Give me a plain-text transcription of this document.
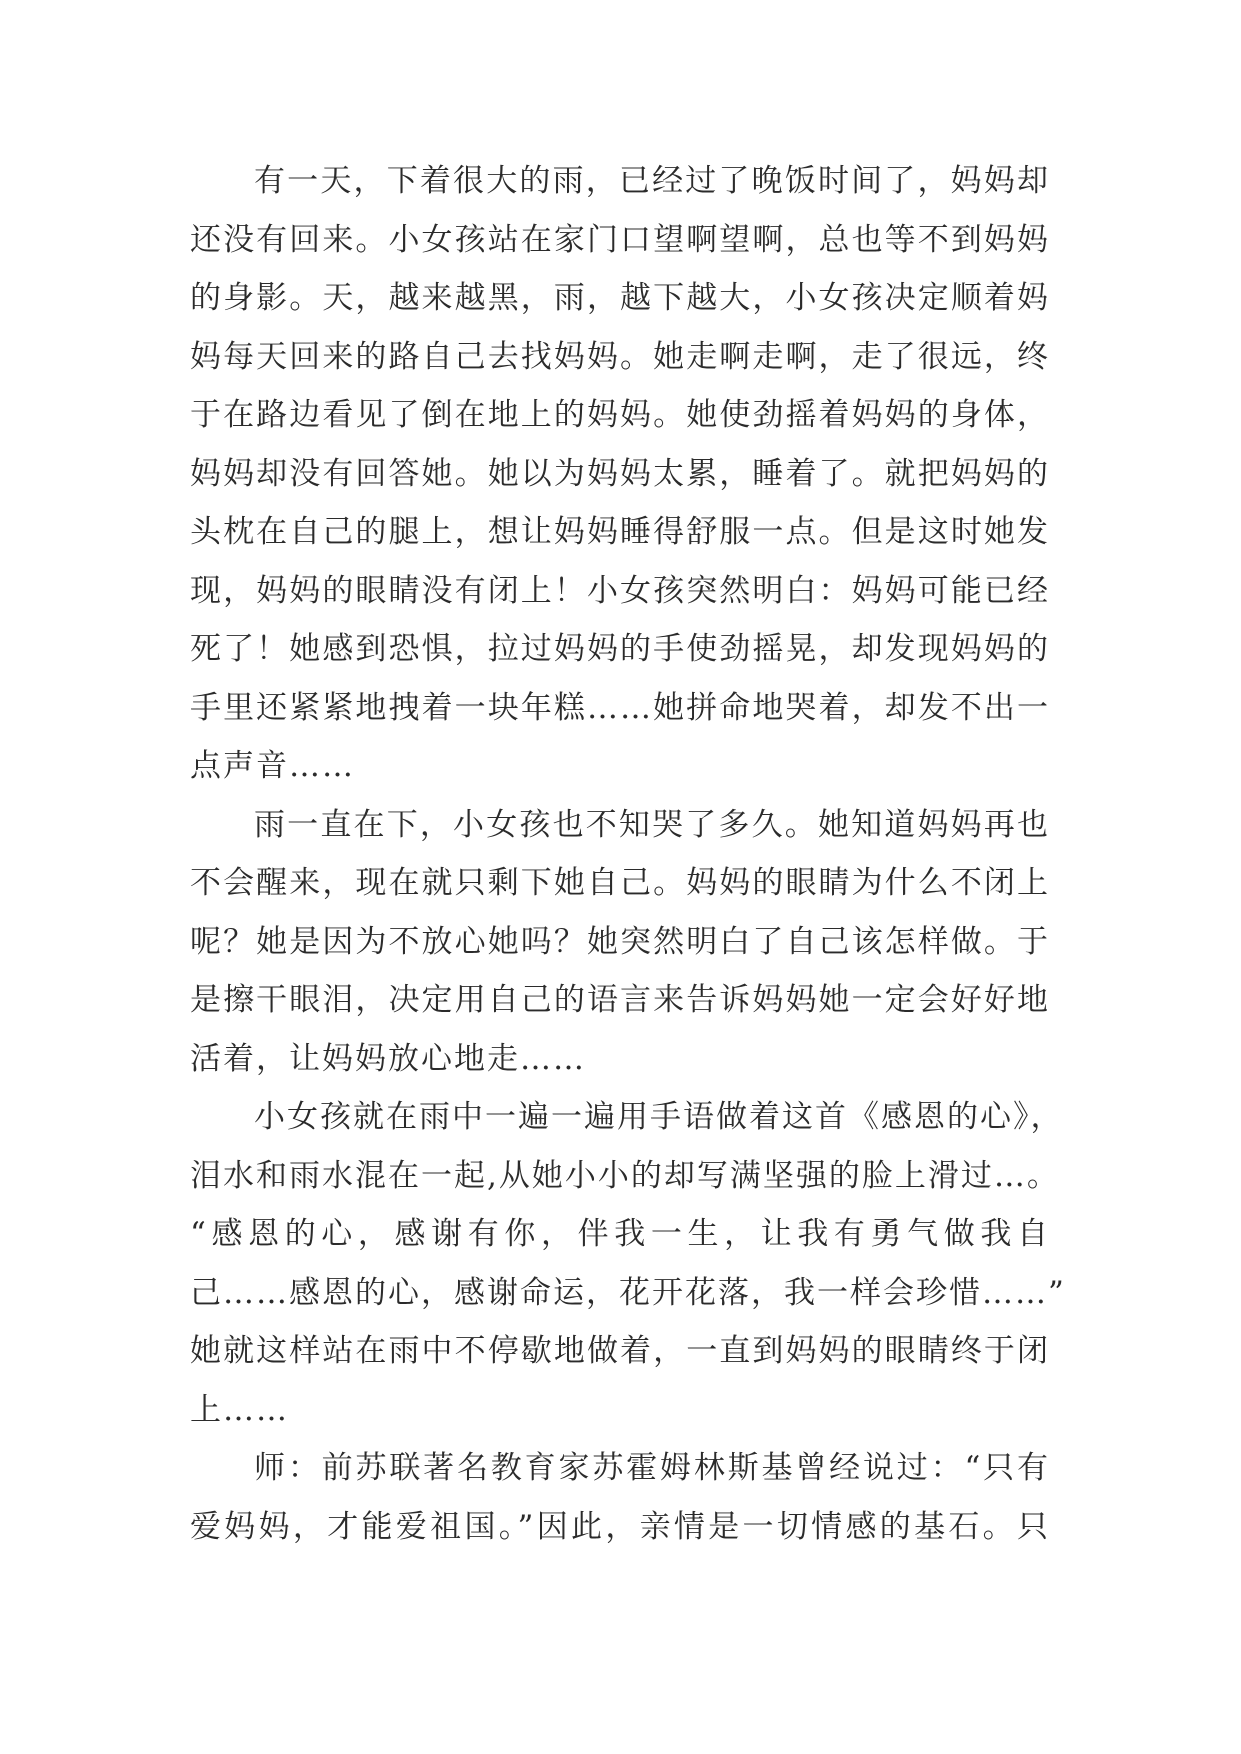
有一天，下着很大的雨，已经过了晚饭时间了，妈妈却
还没有回来。小女孩站在家门口望啊望啊，总也等不到妈妈
的身影。天，越来越黑，雨，越下越大，小女孩决定顺着妈
妈每天回来的路自己去找妈妈。她走啊走啊，走了很远，终
于在路边看见了倒在地上的妈妈。她使劲摇着妈妈的身体，
妈妈却没有回答她。她以为妈妈太累，睡着了。就把妈妈的
头枕在自己的腿上，想让妈妈睡得舒服一点。但是这时她发
现，妈妈的眼睛没有闭上！小女孩突然明白：妈妈可能已经
死了！她感到恐惧，拉过妈妈的手使劲摇晃，却发现妈妈的
手里还紧紧地拽着一块年糕……她拼命地哭着，却发不出一
点声音……
雨一直在下，小女孩也不知哭了多久。她知道妈妈再也
不会醒来，现在就只剩下她自己。妈妈的眼睛为什么不闭上
呢？她是因为不放心她吗？她突然明白了自己该怎样做。于
是擦干眼泪，决定用自己的语言来告诉妈妈她一定会好好地
活着，让妈妈放心地走……
小女孩就在雨中一遍一遍用手语做着这首《感恩的心》，
泪水和雨水混在一起,从她小小的却写满坚强的脸上滑过…。
“感恩的心，感谢有你，伴我一生，让我有勇气做我自
己……感恩的心，感谢命运，花开花落，我一样会珍惜……”
她就这样站在雨中不停歇地做着，一直到妈妈的眼睛终于闭
上……
师：前苏联著名教育家苏霍姆林斯基曾经说过：“只有
爱妈妈，才能爱祖国。”因此，亲情是一切情感的基石。只
